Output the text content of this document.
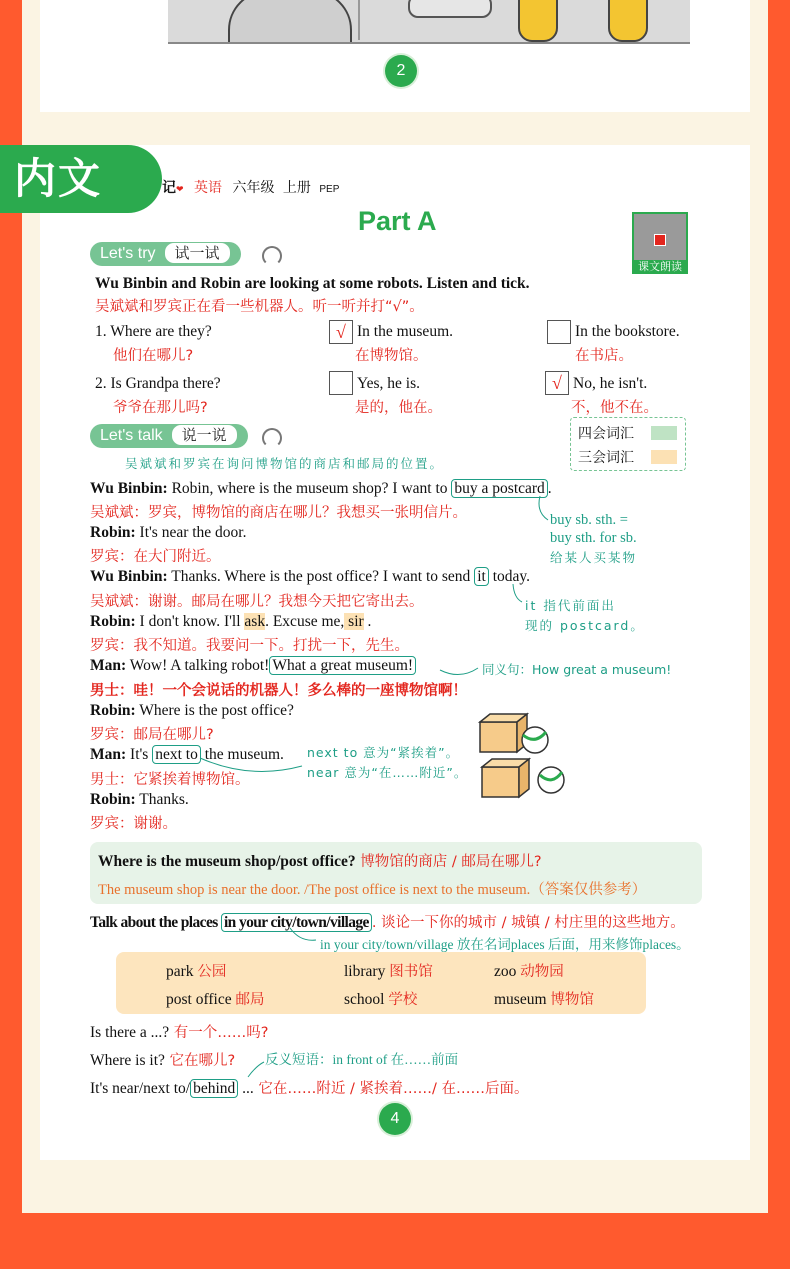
2
内文	记❤ 英语 六年级 上册 PEP
Part A
课文朗读
Let's try 试一试
Wu Binbin and Robin are looking at some robots. Listen and tick.
吴斌斌和罗宾正在看一些机器人。听一听并打“√”。
1. Where are they?
他们在哪儿?
√ In the museum.
在博物馆。
In the bookstore.
在书店。
2. Is Grandpa there?
爷爷在那儿吗?
Yes, he is.
是的，他在。
√ No, he isn't.
不，他不在。
Let's talk 说一说	四会词汇
三会词汇
吴斌斌和罗宾在询问博物馆的商店和邮局的位置。
Wu Binbin: Robin, where is the museum shop? I want to buy a postcard .
吴斌斌：罗宾，博物馆的商店在哪儿？我想买一张明信片。
Robin: It's near the door.
罗宾：在大门附近。
Wu Binbin: Thanks. Where is the post office? I want to send it today.
吴斌斌：谢谢。邮局在哪儿？我想今天把它寄出去。
Robin: I don't know. I'll ask. Excuse me, sir .
罗宾：我不知道。我要问一下。打扰一下，先生。
Man: Wow! A talking robot! What a great museum!
男士：哇！一个会说话的机器人！多么棒的一座博物馆啊！
Robin: Where is the post office?
罗宾：邮局在哪儿?
Man: It's next to the museum.
男士：它紧挨着博物馆。
Robin: Thanks.
罗宾：谢谢。
buy sb. sth. =
buy sth. for sb.
给某人买某物
it 指代前面出
现的 postcard。
同义句：How great a museum!
next to 意为“紧挨着”。
near 意为“在……附近”。
Where is the museum shop/post office? 博物馆的商店 / 邮局在哪儿?
The museum shop is near the door. /The post office is next to the museum.（答案仅供参考）
Talk about the places in your city/town/village . 谈论一下你的城市 / 城镇 / 村庄里的这些地方。
in your city/town/village 放在名词places 后面，用来修饰places。
park 公园	library 图书馆	zoo 动物园
post office 邮局	school 学校	museum 博物馆
Is there a ...? 有一个……吗?
Where is it? 它在哪儿? 反义短语：in front of 在……前面
It's near/next to/ behind ... 它在……附近 / 紧挨着……/ 在……后面。
4
